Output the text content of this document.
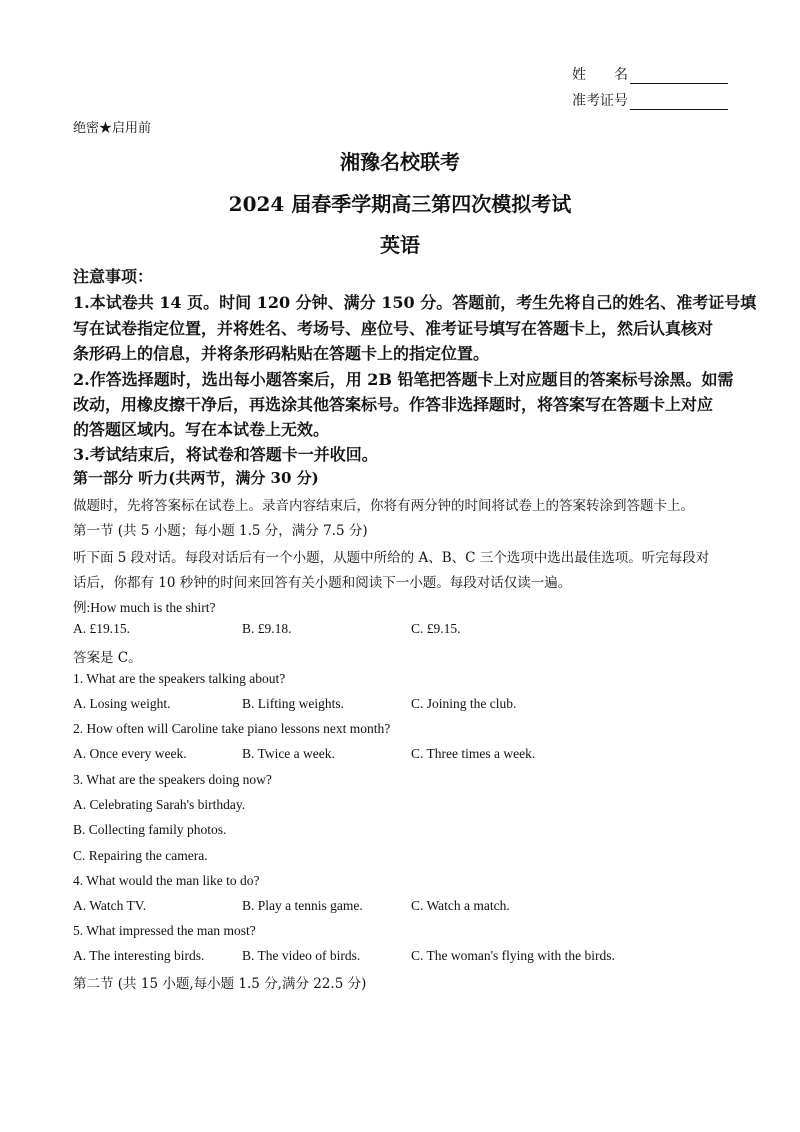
姓　　名
准考证号
绝密★启用前
湘豫名校联考
2024 届春季学期高三第四次模拟考试
英语
注意事项：
1.本试卷共 14 页。时间 120 分钟、满分 150 分。答题前，考生先将自己的姓名、准考证号填
写在试卷指定位置，并将姓名、考场号、座位号、准考证号填写在答题卡上，然后认真核对
条形码上的信息，并将条形码粘贴在答题卡上的指定位置。
2.作答选择题时，选出每小题答案后，用 2B 铅笔把答题卡上对应题目的答案标号涂黑。如需
改动，用橡皮擦干净后，再选涂其他答案标号。作答非选择题时，将答案写在答题卡上对应
的答题区域内。写在本试卷上无效。
3.考试结束后，将试卷和答题卡一并收回。
第一部分 听力(共两节，满分 30 分)
做题时，先将答案标在试卷上。录音内容结束后，你将有两分钟的时间将试卷上的答案转涂到答题卡上。
第一节 (共 5 小题；每小题 1.5 分，满分 7.5 分)
听下面 5 段对话。每段对话后有一个小题，从题中所给的 A、B、C 三个选项中选出最佳选项。听完每段对
话后，你都有 10 秒钟的时间来回答有关小题和阅读下一小题。每段对话仅读一遍。
例:How much is the shirt?
A. £19.15.	B. £9.18.	C. £9.15.
答案是 C。
1. What are the speakers talking about?
A. Losing weight.	B. Lifting weights.	C. Joining the club.
2. How often will Caroline take piano lessons next month?
A. Once every week.	B. Twice a week.	C. Three times a week.
3. What are the speakers doing now?
A. Celebrating Sarah's birthday.
B. Collecting family photos.
C. Repairing the camera.
4. What would the man like to do?
A. Watch TV.	B. Play a tennis game.	C. Watch a match.
5. What impressed the man most?
A. The interesting birds.	B. The video of birds.	C. The woman's flying with the birds.
第二节 (共 15 小题,每小题 1.5 分,满分 22.5 分)
